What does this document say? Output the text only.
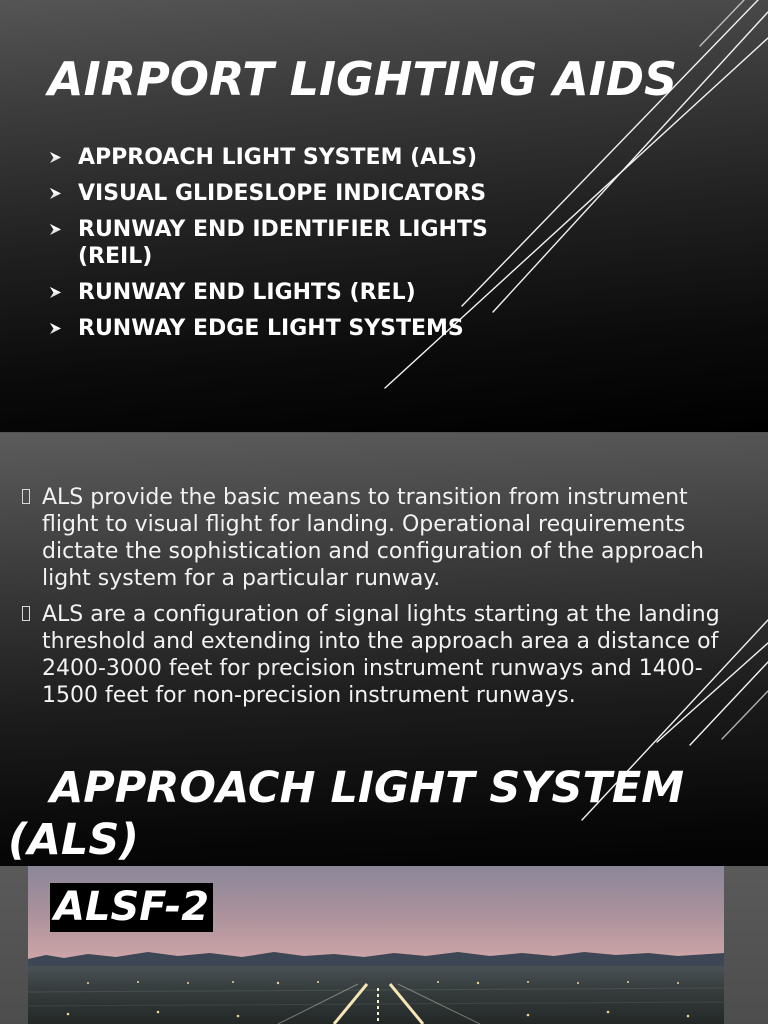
AIRPORT LIGHTING AIDS
APPROACH LIGHT SYSTEM (ALS)
VISUAL GLIDESLOPE INDICATORS
RUNWAY END IDENTIFIER LIGHTS (REIL)
RUNWAY END LIGHTS (REL)
RUNWAY EDGE LIGHT SYSTEMS
ALS provide the basic means to transition from instrument
flight to visual flight for landing. Operational requirements
dictate the sophistication and configuration of the approach
light system for a particular runway.
ALS are a configuration of signal lights starting at the landing
threshold and extending into the approach area a distance of
2400-3000 feet for precision instrument runways and 1400-
1500 feet for non-precision instrument runways.
APPROACH LIGHT SYSTEM (ALS)
ALSF-2
